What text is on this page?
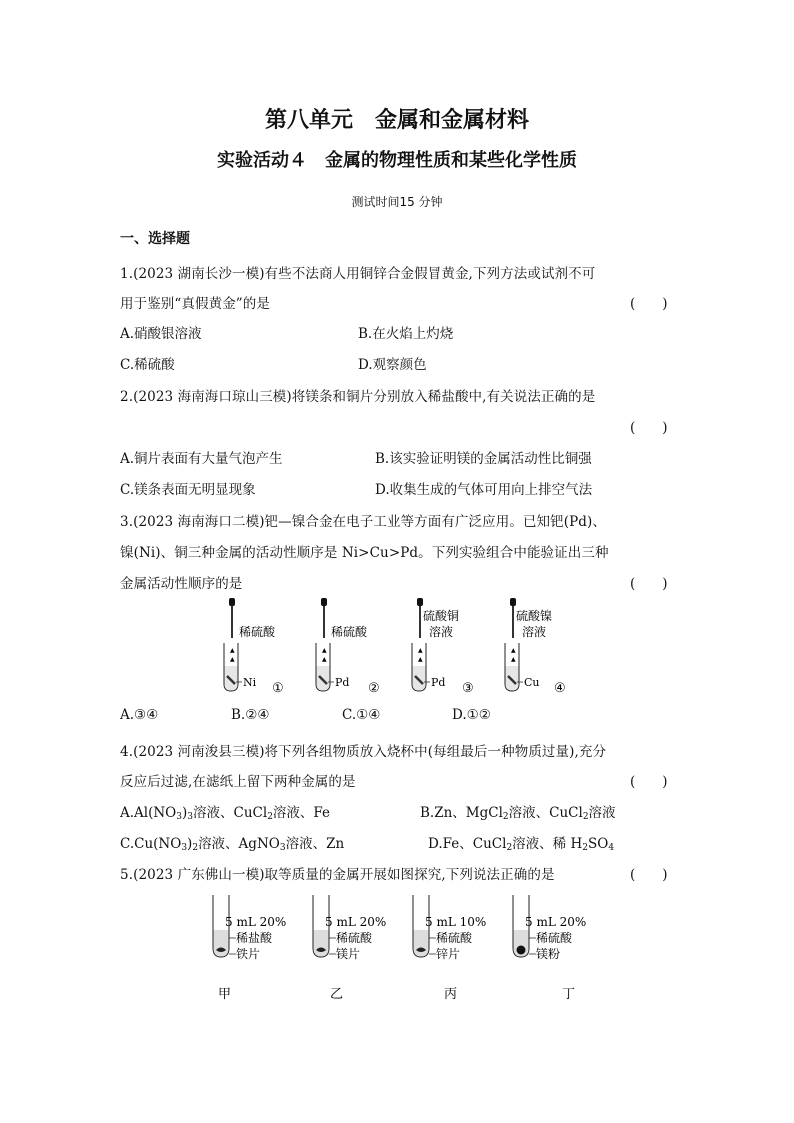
第八单元　金属和金属材料
实验活动４　金属的物理性质和某些化学性质
测试时间15 分钟
一、选择题
1.(2023 湖南长沙一模)有些不法商人用铜锌合金假冒黄金,下列方法或试剂不可
用于鉴别“真假黄金”的是	(　　)
A.硝酸银溶液	B.在火焰上灼烧
C.稀硫酸	D.观察颜色
2.(2023 海南海口琼山三模)将镁条和铜片分别放入稀盐酸中,有关说法正确的是
(　　)
A.铜片表面有大量气泡产生	B.该实验证明镁的金属活动性比铜强
C.镁条表面无明显现象	D.收集生成的气体可用向上排空气法
3.(2023 海南海口二模)钯—镍合金在电子工业等方面有广泛应用。已知钯(Pd)、
镍(Ni)、铜三种金属的活动性顺序是 Ni>Cu>Pd。下列实验组合中能验证出三种
金属活动性顺序的是	(　　)
▲
▲
稀硫酸
Ni ①
▲
▲
稀硫酸
Pd ②
▲
▲
硫酸铜
溶液
Pd ③
▲
▲
硫酸镍
溶液
Cu ④
A.③④	B.②④	C.①④	D.①②
4.(2023 河南浚县三模)将下列各组物质放入烧杯中(每组最后一种物质过量),充分
反应后过滤,在滤纸上留下两种金属的是	(　　)
$A.Al(NO_3)_3$溶液、CuCl$_2$溶液、Fe	B.Zn、MgCl$_2$溶液、CuCl$_2$溶液
$C.Cu(NO_3)_2$溶液、AgNO$_3$溶液、Zn	D.Fe、CuCl$_2$溶液、稀 $H_2SO_4$
5.(2023 广东佛山一模)取等质量的金属开展如图探究,下列说法正确的是	(　　)
5 mL 20%
稀盐酸
铁片
甲
5 mL 20%
稀硫酸
镁片
乙
5 mL 10%
稀硫酸
锌片
丙
5 mL 20%
稀硫酸
镁粉
丁
